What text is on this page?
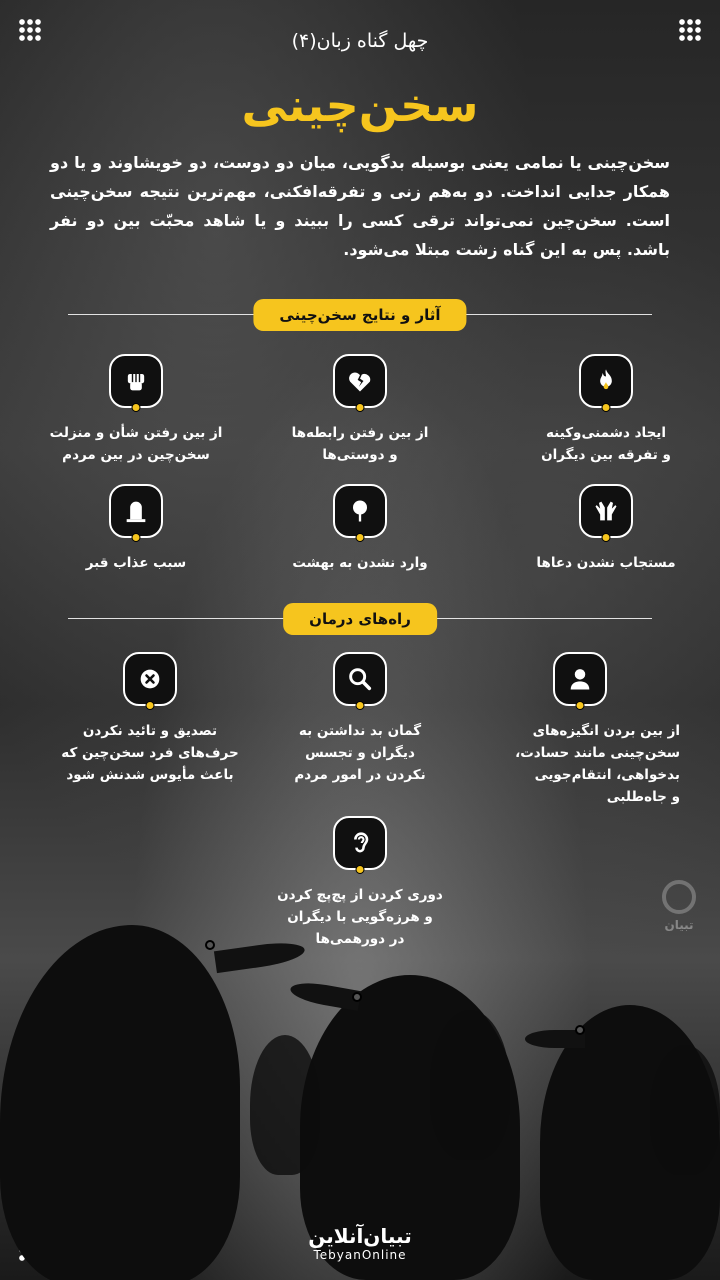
چهل گناه زبان(۴)
سخن‌چینی
سخن‌چینی یا نمامی یعنی بوسیله بدگویی، میان دو دوست، دو خویشاوند و یا دو همکار جدایی انداخت. دو به‌هم زنی و تفرقه‌افکنی، مهم‌ترین نتیجه سخن‌چینی است. سخن‌چین نمی‌تواند ترقی کسی را ببیند و یا شاهد محبّت بین دو نفر باشد. پس به این گناه زشت مبتلا می‌شود.
آثار و نتایج سخن‌چینی
ایجاد دشمنی‌و‌کینه
و تفرقه بین دیگران
از بین رفتن رابطه‌ها
و دوستی‌ها
از بین رفتن شأن و منزلت
سخن‌چین در بین مردم
مستجاب نشدن دعاها
وارد نشدن به بهشت
سبب عذاب قبر
راه‌های درمان
از بین بردن انگیزه‌های
سخن‌چینی مانند حسادت،
بدخواهی، انتقام‌جویی
و جاه‌طلبی
گمان بد نداشتن به
دیگران و تجسس
نکردن در امور مردم
تصدیق و تائید نکردن
حرف‌های فرد سخن‌چین که
باعث مأیوس شدنش شود
دوری کردن از پچ‌پچ کردن
و هرزه‌گویی با دیگران
در دورهمی‌ها
تبیان
تبیان‌آنلاین
TebyanOnline
